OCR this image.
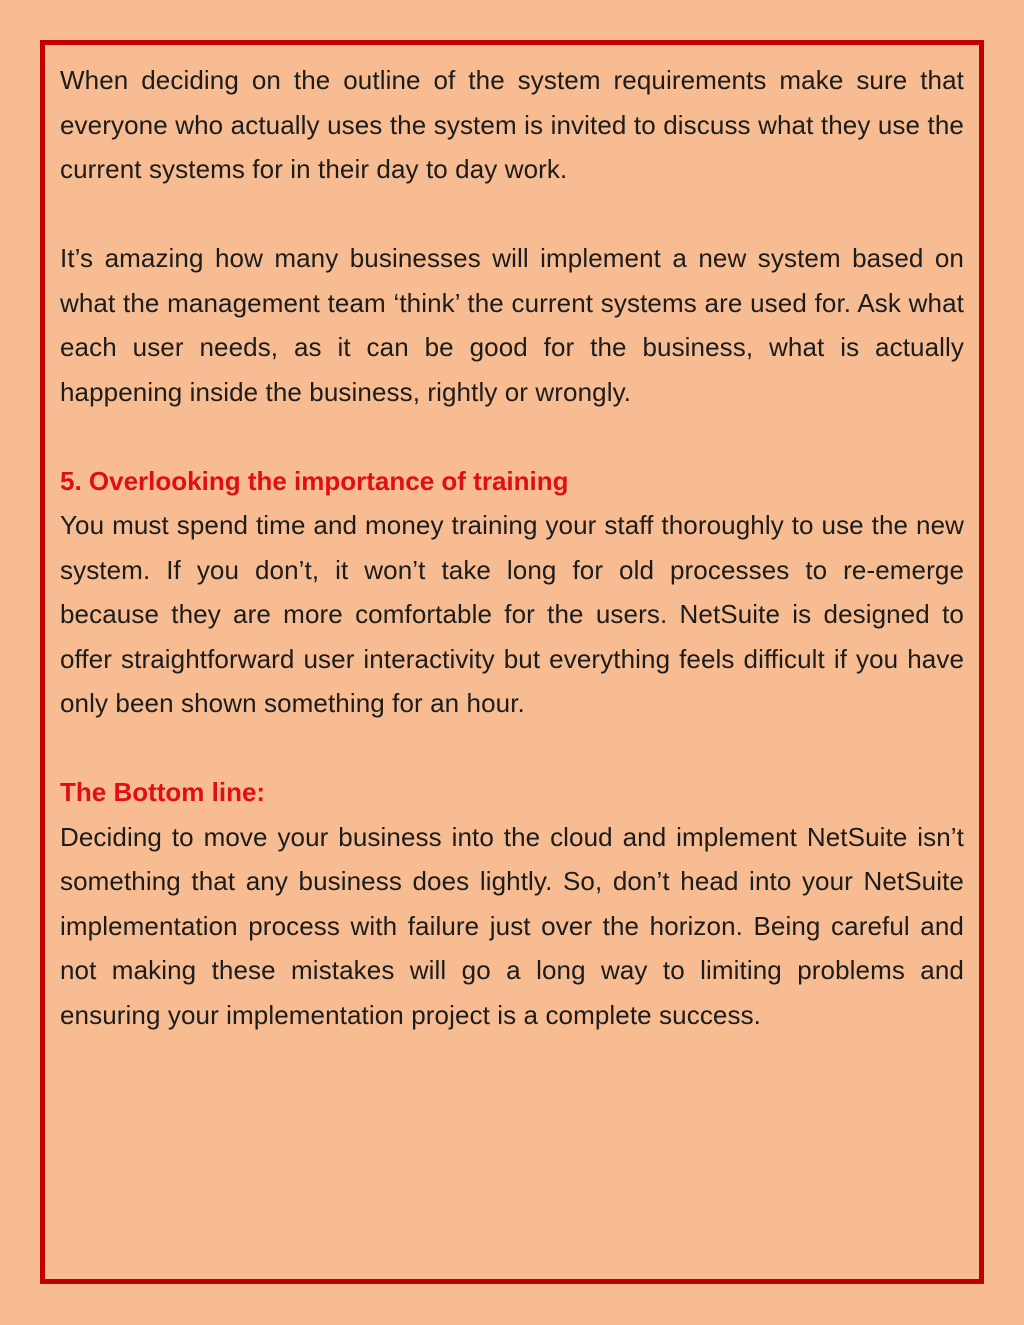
When deciding on the outline of the system requirements make sure that everyone who actually uses the system is invited to discuss what they use the current systems for in their day to day work.

It’s amazing how many businesses will implement a new system based on what the management team ‘think’ the current systems are used for. Ask what each user needs, as it can be good for the business, what is actually happening inside the business, rightly or wrongly.

5. Overlooking the importance of training

You must spend time and money training your staff thoroughly to use the new system. If you don’t, it won’t take long for old processes to re-emerge because they are more comfortable for the users. NetSuite is designed to offer straightforward user interactivity but everything feels difficult if you have only been shown something for an hour.

The Bottom line:

Deciding to move your business into the cloud and implement NetSuite isn’t something that any business does lightly. So, don’t head into your NetSuite implementation process with failure just over the horizon. Being careful and not making these mistakes will go a long way to limiting problems and ensuring your implementation project is a complete success.
